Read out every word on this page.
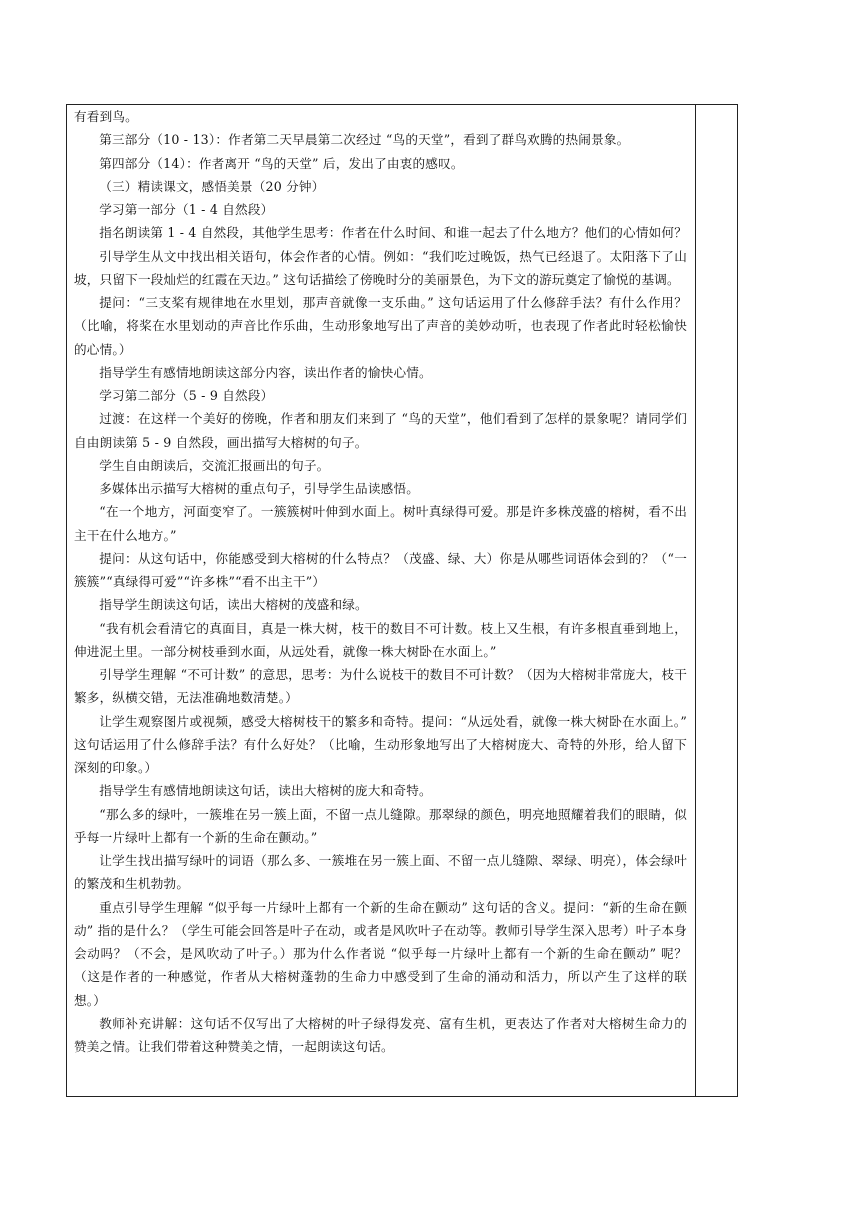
有看到鸟。

第三部分（10 - 13）：作者第二天早晨第二次经过 “鸟的天堂”，看到了群鸟欢腾的热闹景象。

第四部分（14）：作者离开 “鸟的天堂” 后，发出了由衷的感叹。

（三）精读课文，感悟美景（20 分钟）

学习第一部分（1 - 4 自然段）

指名朗读第 1 - 4 自然段，其他学生思考：作者在什么时间、和谁一起去了什么地方？他们的心情如何？

引导学生从文中找出相关语句，体会作者的心情。例如：“我们吃过晚饭，热气已经退了。太阳落下了山坡，只留下一段灿烂的红霞在天边。” 这句话描绘了傍晚时分的美丽景色，为下文的游玩奠定了愉悦的基调。

提问：“三支桨有规律地在水里划，那声音就像一支乐曲。” 这句话运用了什么修辞手法？有什么作用？（比喻，将桨在水里划动的声音比作乐曲，生动形象地写出了声音的美妙动听，也表现了作者此时轻松愉快的心情。）

指导学生有感情地朗读这部分内容，读出作者的愉快心情。

学习第二部分（5 - 9 自然段）

过渡：在这样一个美好的傍晚，作者和朋友们来到了 “鸟的天堂”，他们看到了怎样的景象呢？请同学们自由朗读第 5 - 9 自然段，画出描写大榕树的句子。

学生自由朗读后，交流汇报画出的句子。

多媒体出示描写大榕树的重点句子，引导学生品读感悟。

“在一个地方，河面变窄了。一簇簇树叶伸到水面上。树叶真绿得可爱。那是许多株茂盛的榕树，看不出主干在什么地方。”

提问：从这句话中，你能感受到大榕树的什么特点？（茂盛、绿、大）你是从哪些词语体会到的？（“一簇簇”“真绿得可爱”“许多株”“看不出主干”）

指导学生朗读这句话，读出大榕树的茂盛和绿。

“我有机会看清它的真面目，真是一株大树，枝干的数目不可计数。枝上又生根，有许多根直垂到地上，伸进泥土里。一部分树枝垂到水面，从远处看，就像一株大树卧在水面上。”

引导学生理解 “不可计数” 的意思，思考：为什么说枝干的数目不可计数？（因为大榕树非常庞大，枝干繁多，纵横交错，无法准确地数清楚。）

让学生观察图片或视频，感受大榕树枝干的繁多和奇特。提问：“从远处看，就像一株大树卧在水面上。” 这句话运用了什么修辞手法？有什么好处？（比喻，生动形象地写出了大榕树庞大、奇特的外形，给人留下深刻的印象。）

指导学生有感情地朗读这句话，读出大榕树的庞大和奇特。

“那么多的绿叶，一簇堆在另一簇上面，不留一点儿缝隙。那翠绿的颜色，明亮地照耀着我们的眼睛，似乎每一片绿叶上都有一个新的生命在颤动。”

让学生找出描写绿叶的词语（那么多、一簇堆在另一簇上面、不留一点儿缝隙、翠绿、明亮），体会绿叶的繁茂和生机勃勃。

重点引导学生理解 “似乎每一片绿叶上都有一个新的生命在颤动” 这句话的含义。提问：“新的生命在颤动” 指的是什么？（学生可能会回答是叶子在动，或者是风吹叶子在动等。教师引导学生深入思考）叶子本身会动吗？（不会，是风吹动了叶子。）那为什么作者说 “似乎每一片绿叶上都有一个新的生命在颤动” 呢？（这是作者的一种感觉，作者从大榕树蓬勃的生命力中感受到了生命的涌动和活力，所以产生了这样的联想。）

教师补充讲解：这句话不仅写出了大榕树的叶子绿得发亮、富有生机，更表达了作者对大榕树生命力的赞美之情。让我们带着这种赞美之情，一起朗读这句话。
